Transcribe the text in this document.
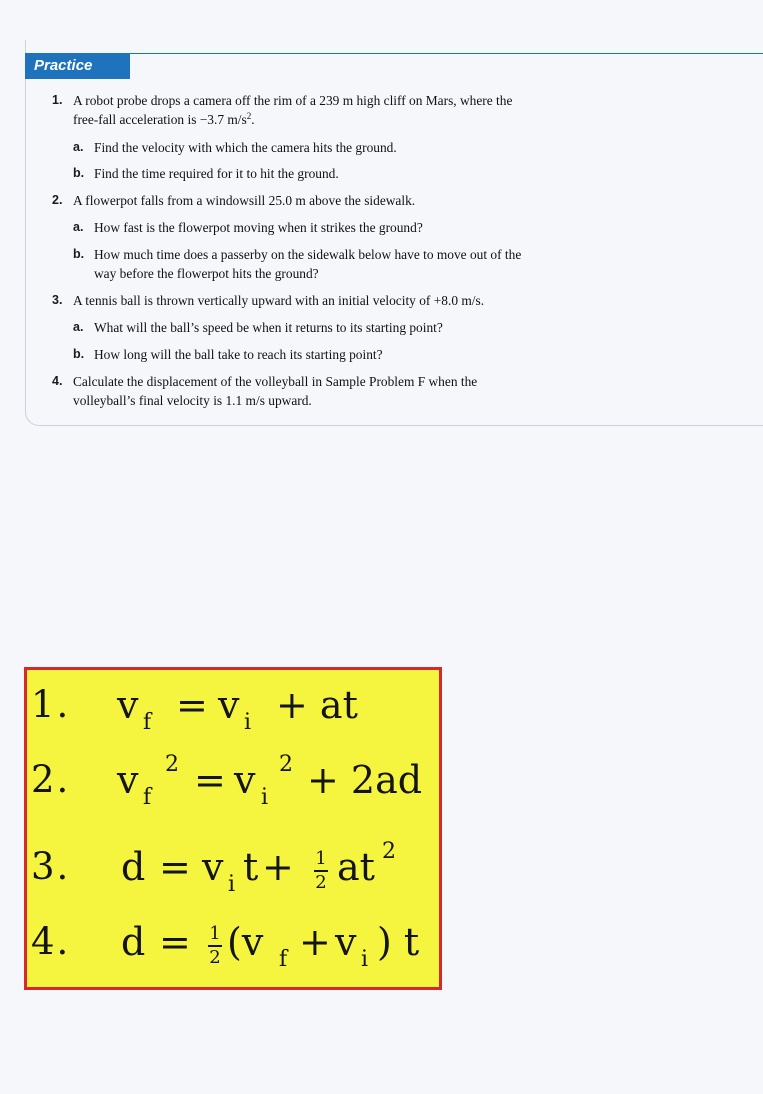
Practice
1. A robot probe drops a camera off the rim of a 239 m high cliff on Mars, where the
free-fall acceleration is −3.7 $m/s^2$.
a. Find the velocity with which the camera hits the ground.
b. Find the time required for it to hit the ground.
2. A flowerpot falls from a windowsill 25.0 m above the sidewalk.
a. How fast is the flowerpot moving when it strikes the ground?
b. How much time does a passerby on the sidewalk below have to move out of the
way before the flowerpot hits the ground?
3. A tennis ball is thrown vertically upward with an initial velocity of +8.0 m/s.
a. What will the ball’s speed be when it returns to its starting point?
b. How long will the ball take to reach its starting point?
4. Calculate the displacement of the volleyball in Sample Problem F when the
volleyball’s final velocity is 1.1 m/s upward.
1. v f = v i + at
2. v f
2 = v i
2 + 2ad
3. d = v i t + 1
2 at 2
4. d = 1
2 (v f + v i ) t
